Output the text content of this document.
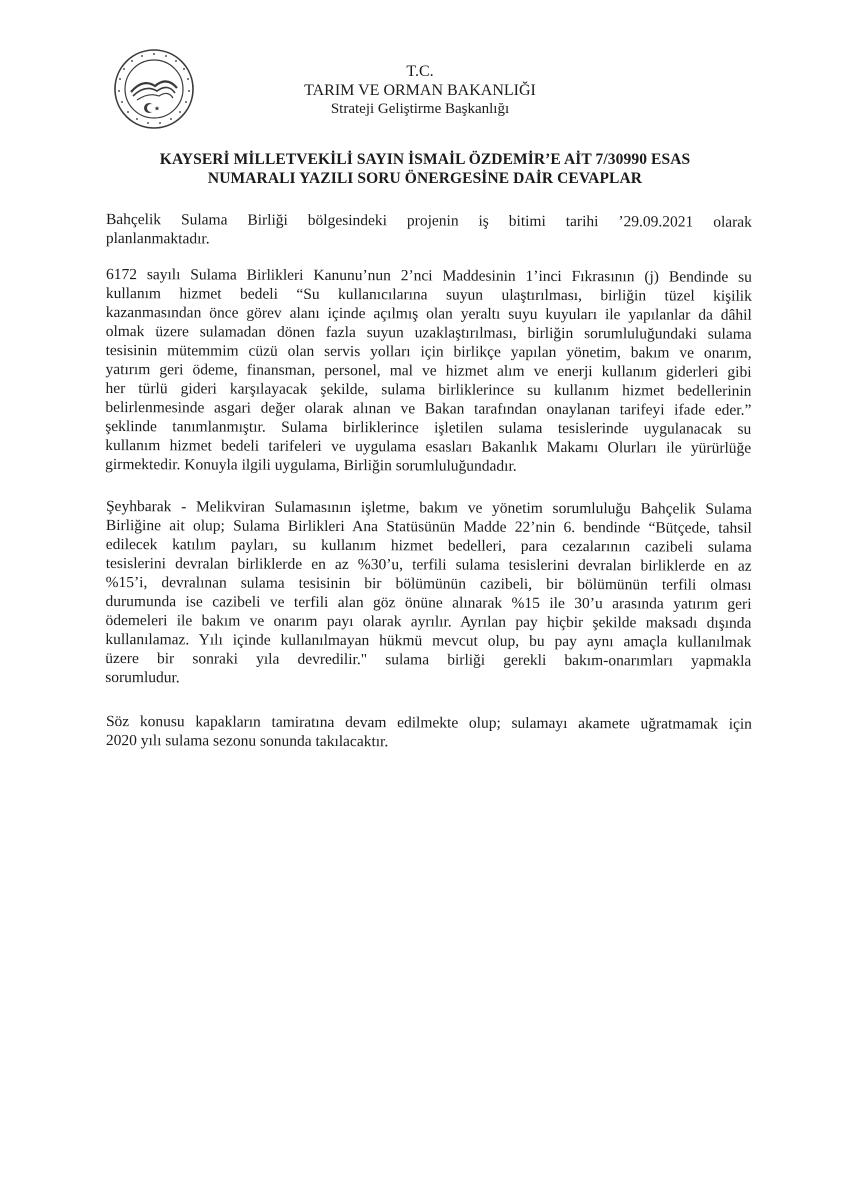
T.C.
TARIM VE ORMAN BAKANLIĞI
Strateji Geliştirme Başkanlığı
KAYSERİ MİLLETVEKİLİ SAYIN İSMAİL ÖZDEMİR’E AİT 7/30990 ESAS
NUMARALI YAZILI SORU ÖNERGESİNE DAİR CEVAPLAR
Bahçelik Sulama Birliği bölgesindeki projenin iş bitimi tarihi ’29.09.2021 olarak
planlanmaktadır.
6172 sayılı Sulama Birlikleri Kanunu’nun 2’nci Maddesinin 1’inci Fıkrasının (j) Bendinde su
kullanım hizmet bedeli “Su kullanıcılarına suyun ulaştırılması, birliğin tüzel kişilik
kazanmasından önce görev alanı içinde açılmış olan yeraltı suyu kuyuları ile yapılanlar da dâhil
olmak üzere sulamadan dönen fazla suyun uzaklaştırılması, birliğin sorumluluğundaki sulama
tesisinin mütemmim cüzü olan servis yolları için birlikçe yapılan yönetim, bakım ve onarım,
yatırım geri ödeme, finansman, personel, mal ve hizmet alım ve enerji kullanım giderleri gibi
her türlü gideri karşılayacak şekilde, sulama birliklerince su kullanım hizmet bedellerinin
belirlenmesinde asgari değer olarak alınan ve Bakan tarafından onaylanan tarifeyi ifade eder.”
şeklinde tanımlanmıştır. Sulama birliklerince işletilen sulama tesislerinde uygulanacak su
kullanım hizmet bedeli tarifeleri ve uygulama esasları Bakanlık Makamı Olurları ile yürürlüğe
girmektedir. Konuyla ilgili uygulama, Birliğin sorumluluğundadır.
Şeyhbarak - Melikviran Sulamasının işletme, bakım ve yönetim sorumluluğu Bahçelik Sulama
Birliğine ait olup; Sulama Birlikleri Ana Statüsünün Madde 22’nin 6. bendinde “Bütçede, tahsil
edilecek katılım payları, su kullanım hizmet bedelleri, para cezalarının cazibeli sulama
tesislerini devralan birliklerde en az %30’u, terfili sulama tesislerini devralan birliklerde en az
%15’i, devralınan sulama tesisinin bir bölümünün cazibeli, bir bölümünün terfili olması
durumunda ise cazibeli ve terfili alan göz önüne alınarak %15 ile 30’u arasında yatırım geri
ödemeleri ile bakım ve onarım payı olarak ayrılır. Ayrılan pay hiçbir şekilde maksadı dışında
kullanılamaz. Yılı içinde kullanılmayan hükmü mevcut olup, bu pay aynı amaçla kullanılmak
üzere bir sonraki yıla devredilir." sulama birliği gerekli bakım-onarımları yapmakla
sorumludur.
Söz konusu kapakların tamiratına devam edilmekte olup; sulamayı akamete uğratmamak için
2020 yılı sulama sezonu sonunda takılacaktır.
